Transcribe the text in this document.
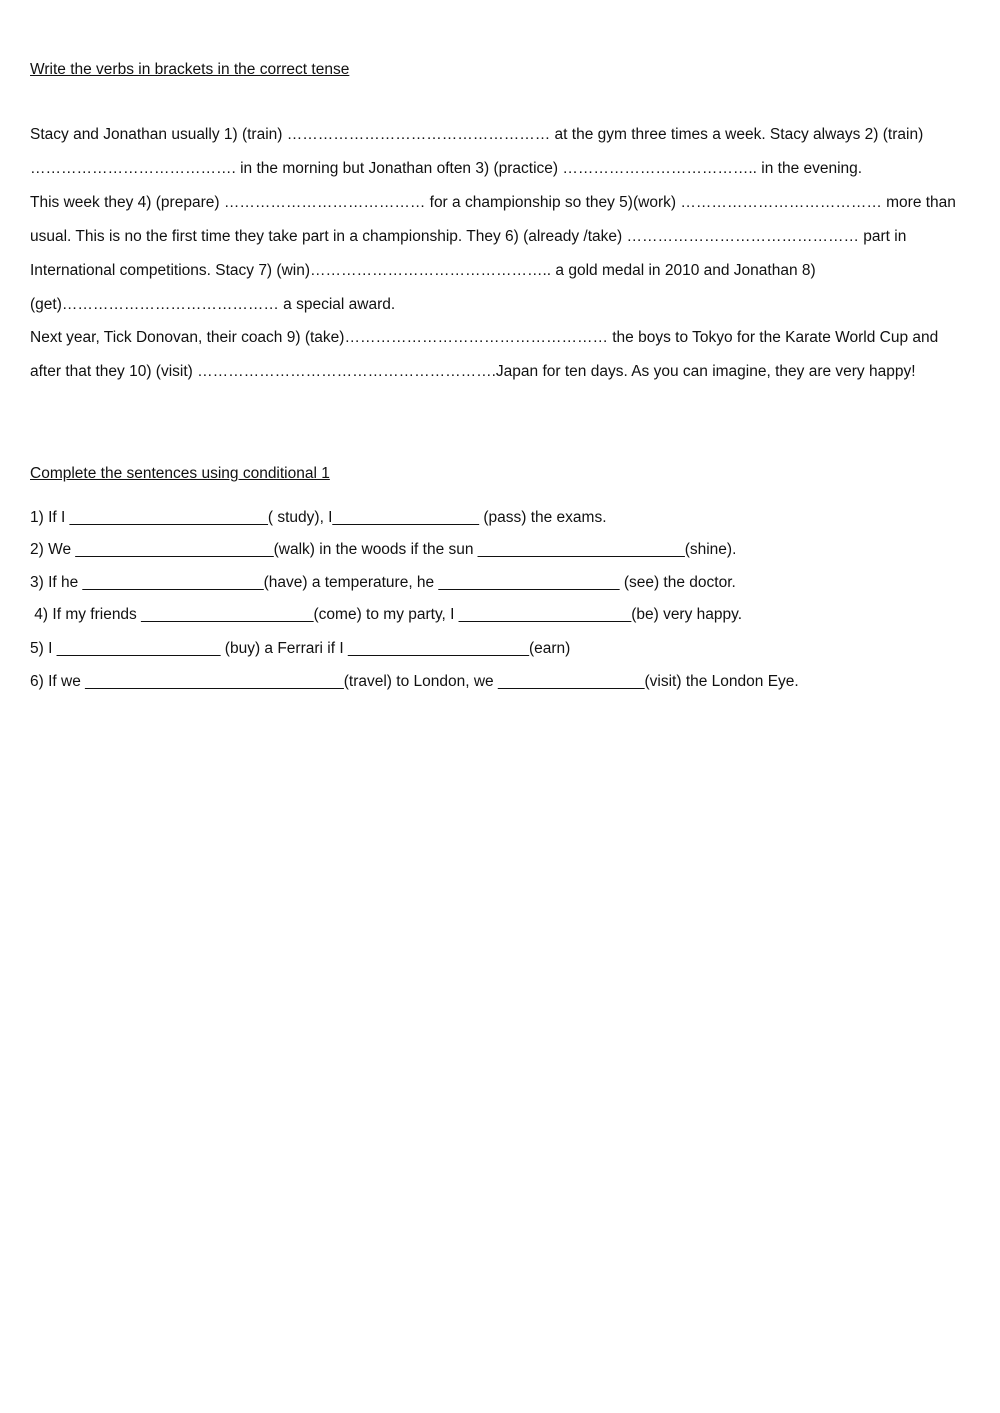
Write the verbs in brackets in the correct tense
Stacy and Jonathan usually 1) (train) …………………………………………… at the gym three times a week. Stacy always 2) (train)
…………………………………. in the morning but Jonathan often 3) (practice) ……………………………….. in the evening.
This week they 4) (prepare) ………………………………… for a championship so they 5)(work) ………………………………… more than
usual. This is no the first time they take part in a championship. They 6) (already /take) ……………………………………… part in
International competitions. Stacy 7) (win)……………………………………….. a gold medal in 2010 and Jonathan 8)
(get)…………………………………… a special award.
Next year, Tick Donovan, their coach 9) (take)…………………………………………… the boys to Tokyo for the Karate World Cup and
after that they 10) (visit) ………………………………………………….Japan for ten days. As you can imagine, they are very happy!
Complete the sentences using conditional 1
1) If I _______________________( study), I_________________ (pass) the exams.
2) We _______________________(walk) in the woods if the sun ________________________(shine).
3) If he _____________________(have) a temperature, he _____________________ (see) the doctor.
4) If my friends ____________________(come) to my party, I ____________________(be) very happy.
5) I ___________________ (buy) a Ferrari if I _____________________(earn)
6) If we ______________________________(travel) to London, we _________________(visit) the London Eye.
